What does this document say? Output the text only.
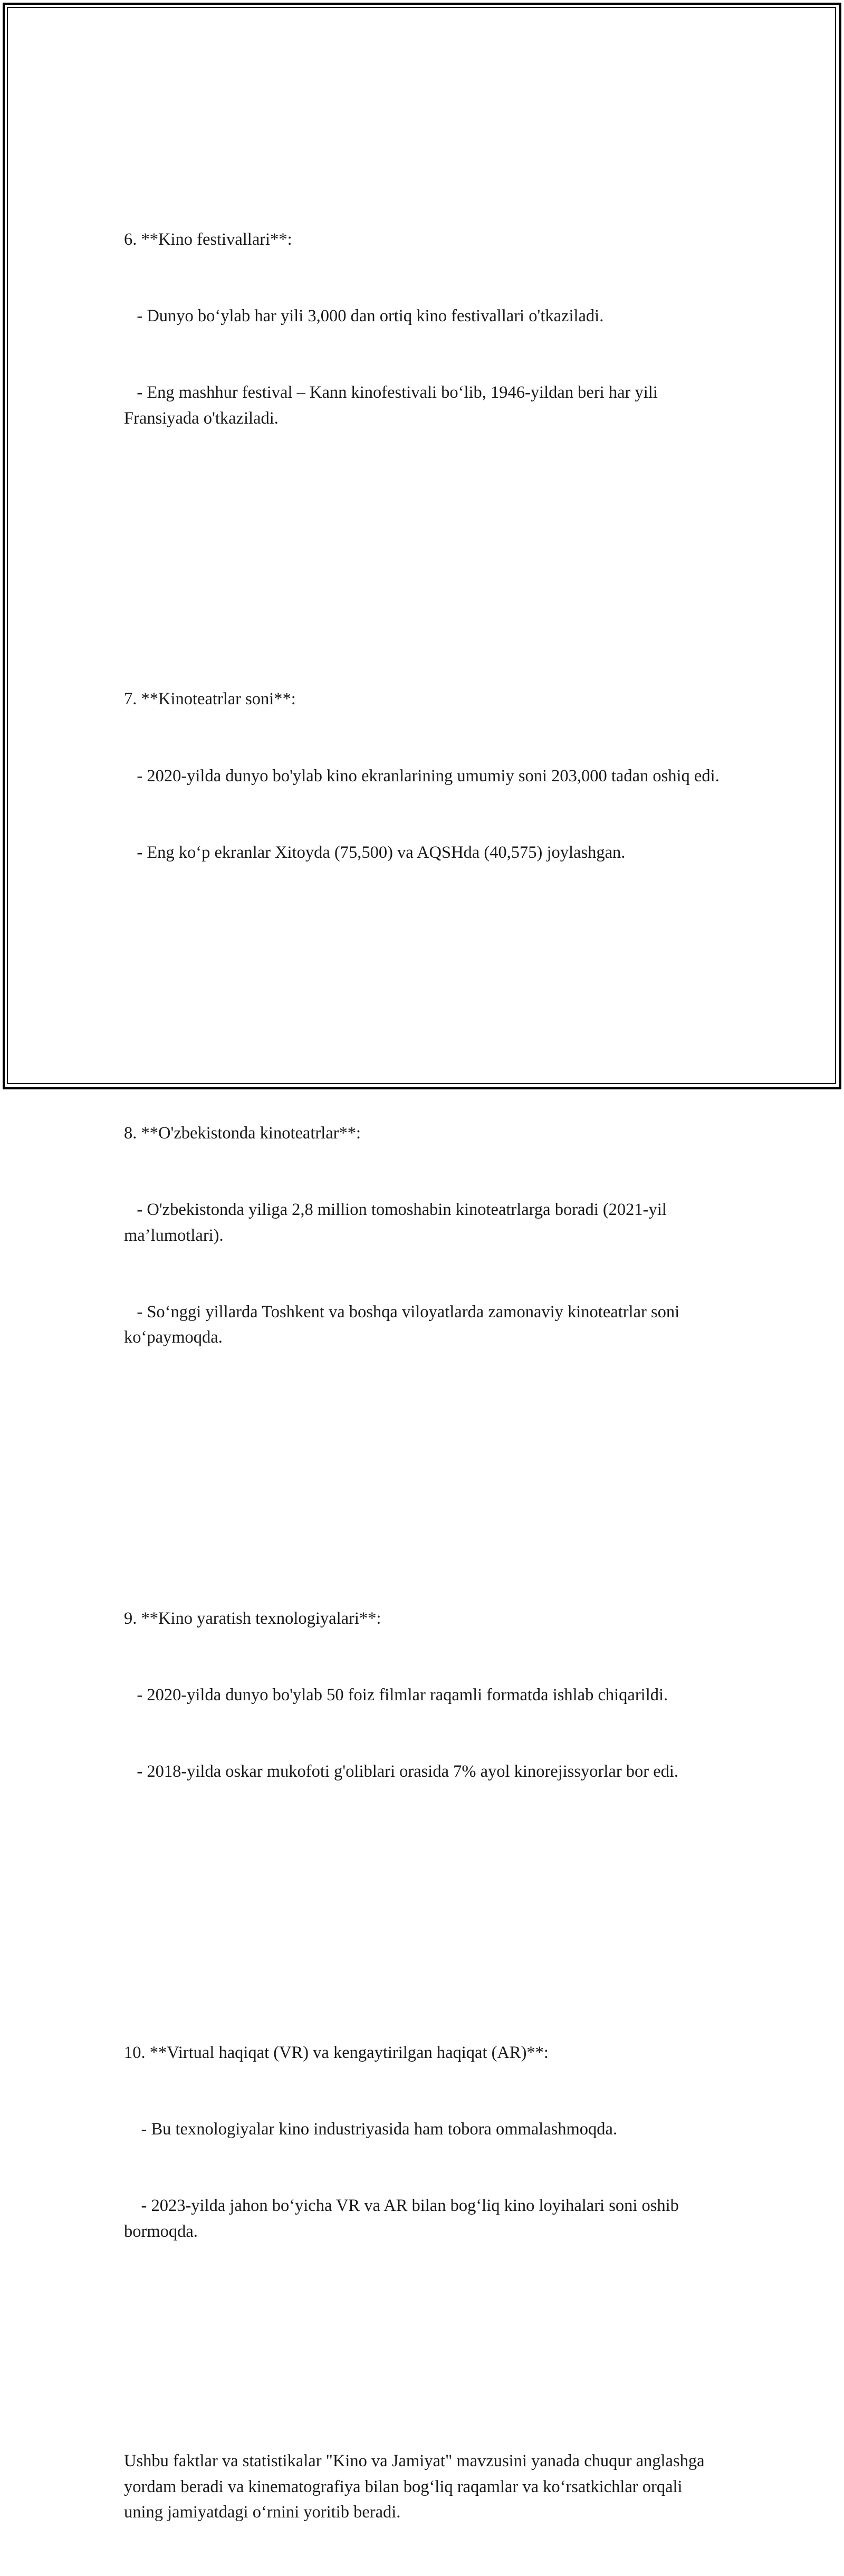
6. **Kino festivallari**:

- Dunyo bo‘ylab har yili 3,000 dan ortiq kino festivallari o'tkaziladi.

- Eng mashhur festival – Kann kinofestivali bo‘lib, 1946-yildan beri har yili Fransiyada o'tkaziladi.

7. **Kinoteatrlar soni**:

- 2020-yilda dunyo bo'ylab kino ekranlarining umumiy soni 203,000 tadan oshiq edi.

- Eng ko‘p ekranlar Xitoyda (75,500) va AQSHda (40,575) joylashgan.

8. **O'zbekistonda kinoteatrlar**:

- O'zbekistonda yiliga 2,8 million tomoshabin kinoteatrlarga boradi (2021-yil ma’lumotlari).

- So‘nggi yillarda Toshkent va boshqa viloyatlarda zamonaviy kinoteatrlar soni ko‘paymoqda.

9. **Kino yaratish texnologiyalari**:

- 2020-yilda dunyo bo'ylab 50 foiz filmlar raqamli formatda ishlab chiqarildi.

- 2018-yilda oskar mukofoti g'oliblari orasida 7% ayol kinorejissyorlar bor edi.

10. **Virtual haqiqat (VR) va kengaytirilgan haqiqat (AR)**:

- Bu texnologiyalar kino industriyasida ham tobora ommalashmoqda.

- 2023-yilda jahon bo‘yicha VR va AR bilan bog‘liq kino loyihalari soni oshib bormoqda.

Ushbu faktlar va statistikalar "Kino va Jamiyat" mavzusini yanada chuqur anglashga yordam beradi va kinematografiya bilan bog‘liq raqamlar va ko‘rsatkichlar orqali uning jamiyatdagi o‘rnini yoritib beradi.
